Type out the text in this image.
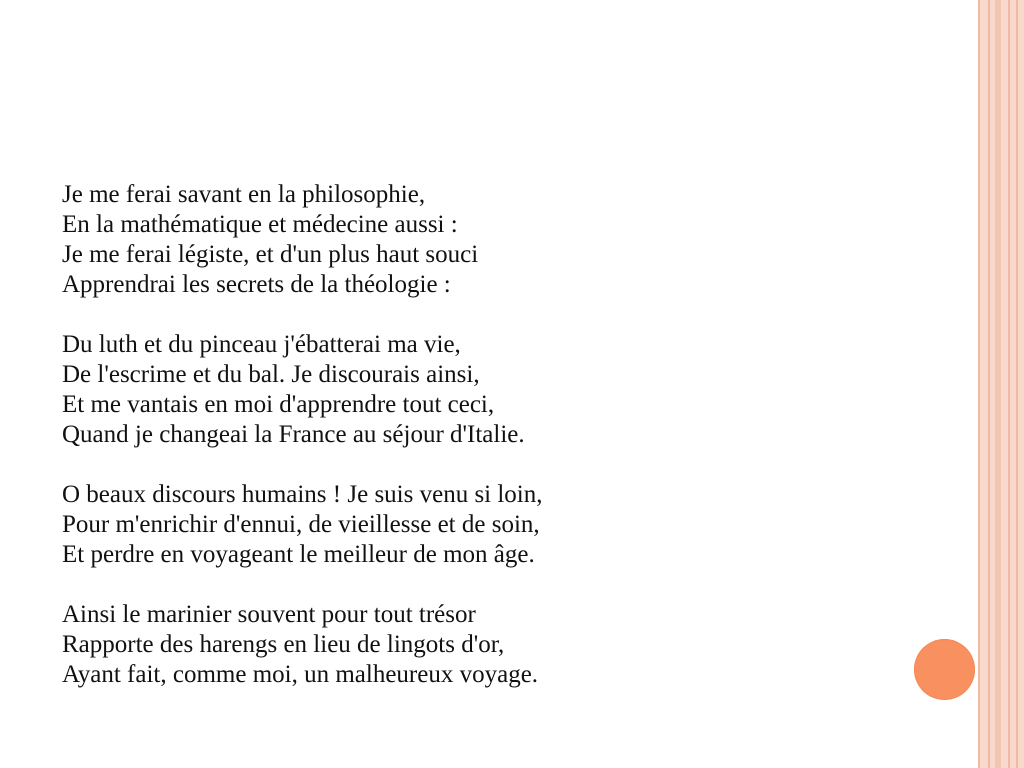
Je me ferai savant en la philosophie,
En la mathématique et médecine aussi :
Je me ferai légiste, et d'un plus haut souci
Apprendrai les secrets de la théologie :
Du luth et du pinceau j'ébatterai ma vie,
De l'escrime et du bal. Je discourais ainsi,
Et me vantais en moi d'apprendre tout ceci,
Quand je changeai la France au séjour d'Italie.
O beaux discours humains ! Je suis venu si loin,
Pour m'enrichir d'ennui, de vieillesse et de soin,
Et perdre en voyageant le meilleur de mon âge.
Ainsi le marinier souvent pour tout trésor
Rapporte des harengs en lieu de lingots d'or,
Ayant fait, comme moi, un malheureux voyage.
